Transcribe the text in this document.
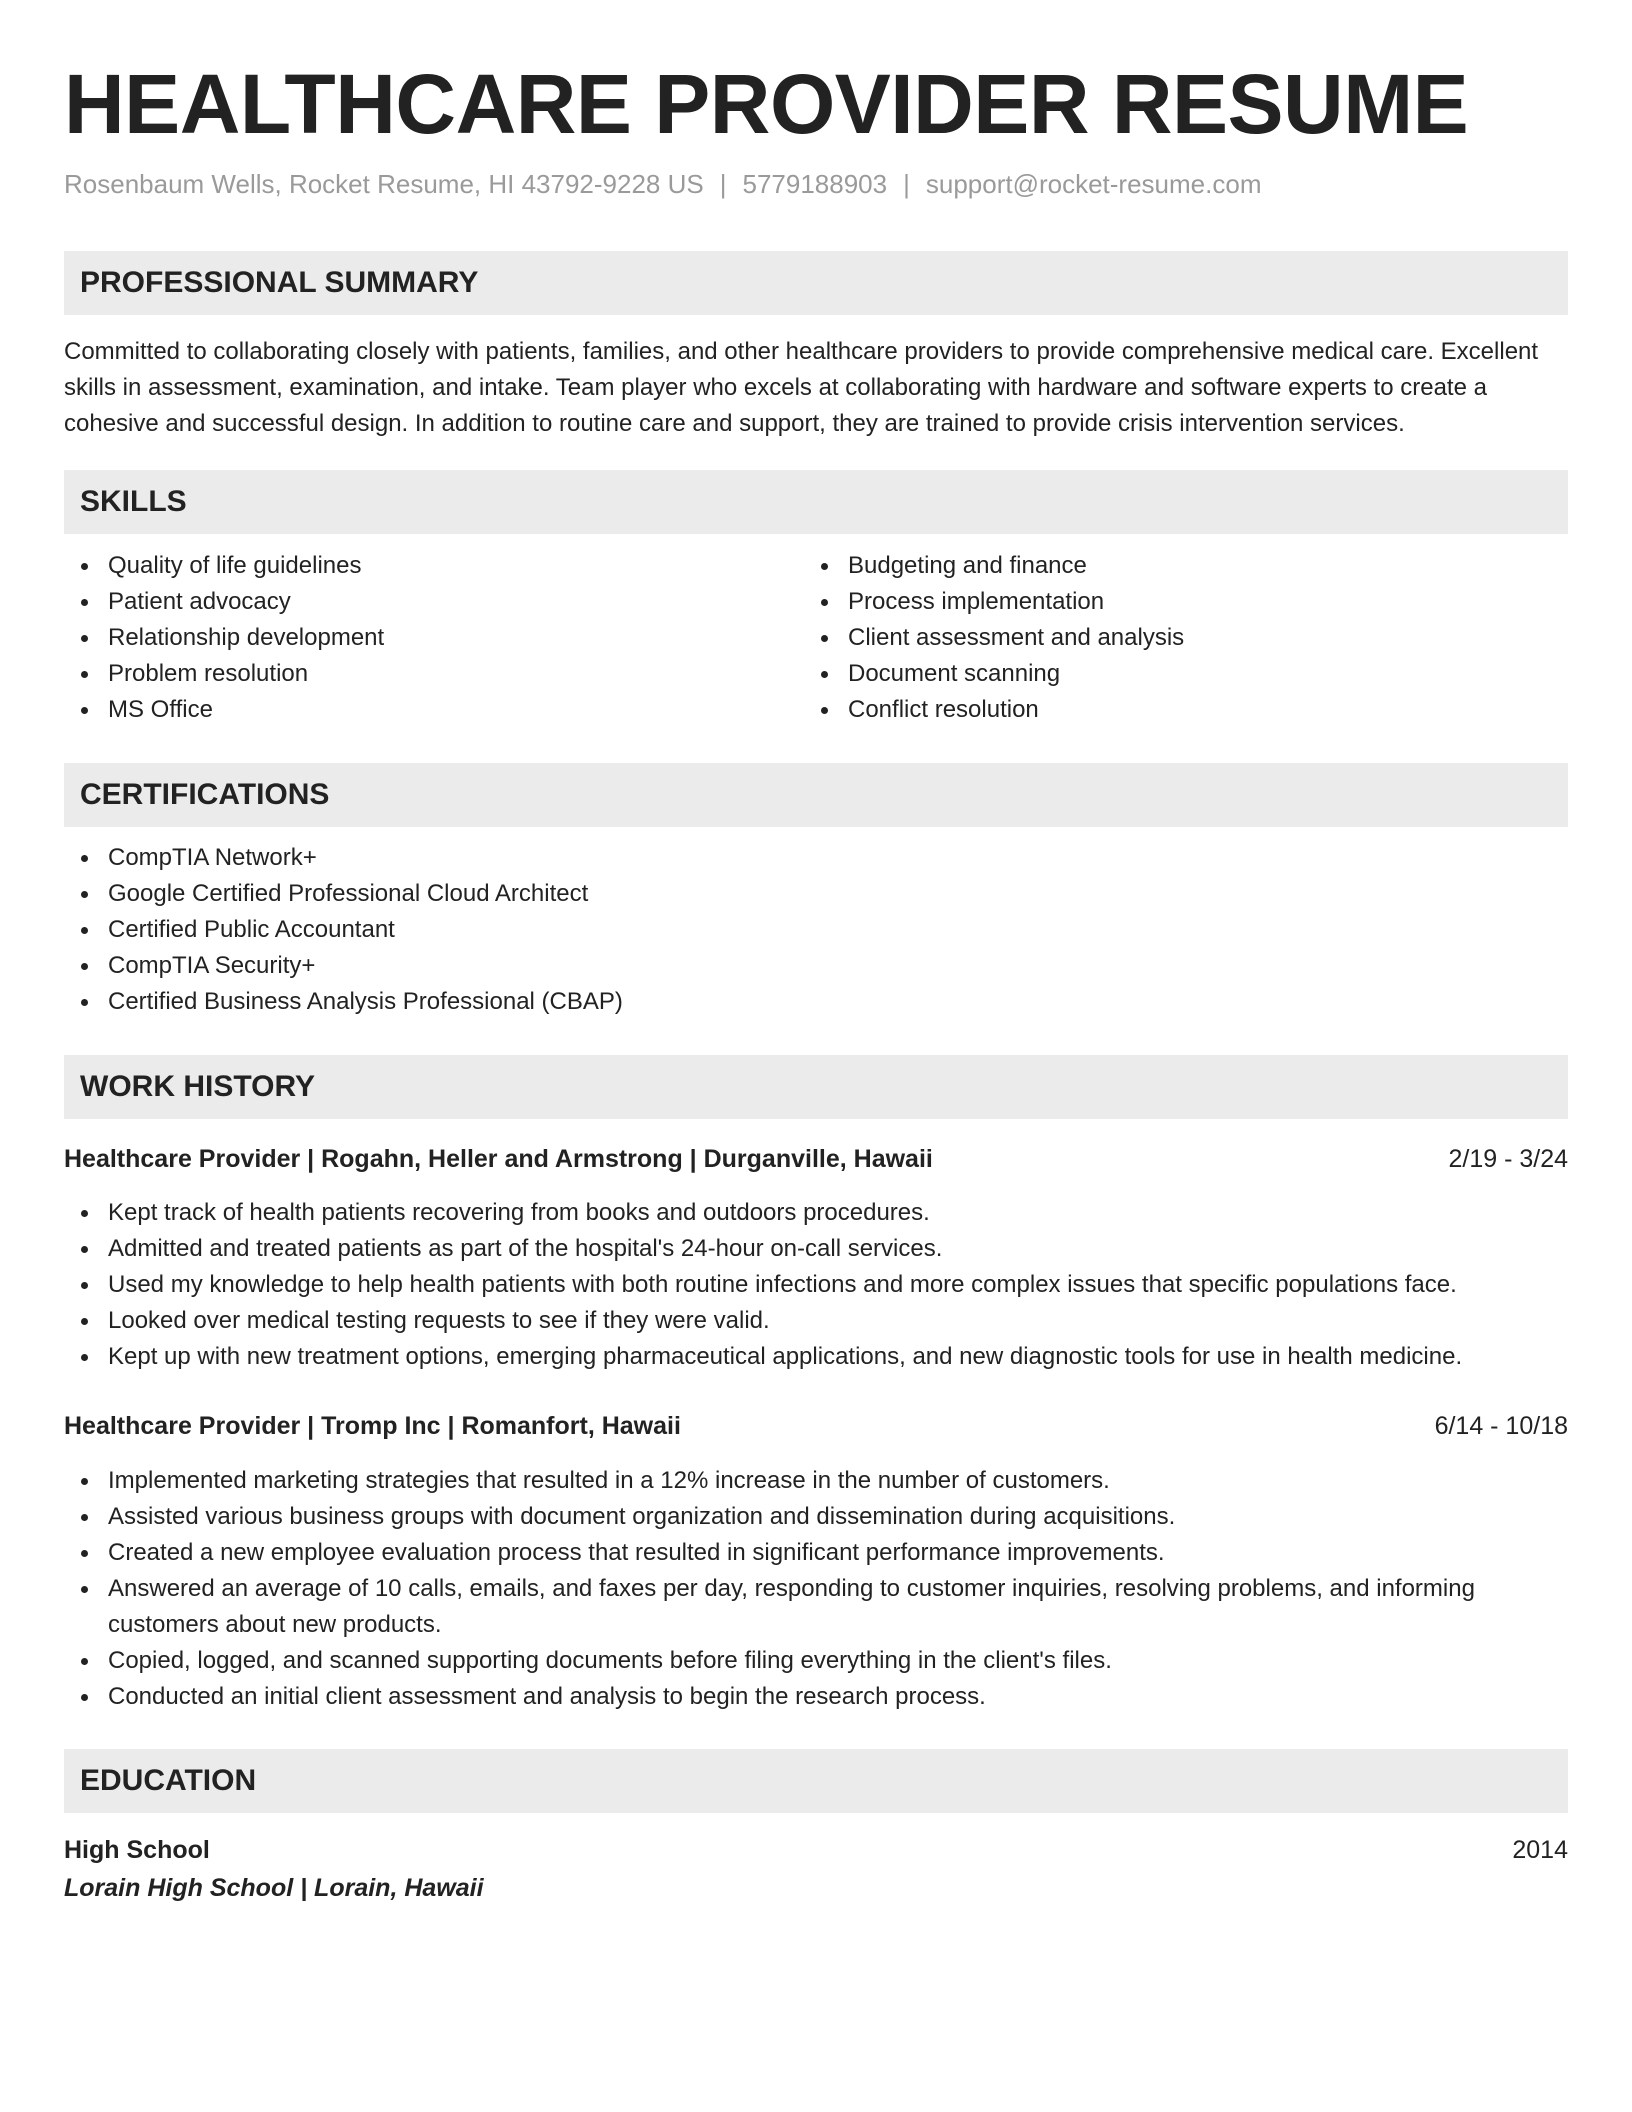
HEALTHCARE PROVIDER RESUME
Rosenbaum Wells, Rocket Resume, HI 43792-9228 US | 5779188903 | support@rocket-resume.com
PROFESSIONAL SUMMARY

Committed to collaborating closely with patients, families, and other healthcare providers to provide comprehensive medical care. Excellent skills in assessment, examination, and intake. Team player who excels at collaborating with hardware and software experts to create a cohesive and successful design. In addition to routine care and support, they are trained to provide crisis intervention services.

SKILLS
Quality of life guidelines
Patient advocacy
Relationship development
Problem resolution
MS Office
Budgeting and finance
Process implementation
Client assessment and analysis
Document scanning
Conflict resolution
CERTIFICATIONS
CompTIA Network+
Google Certified Professional Cloud Architect
Certified Public Accountant
CompTIA Security+
Certified Business Analysis Professional (CBAP)
WORK HISTORY
Healthcare Provider | Rogahn, Heller and Armstrong | Durganville, Hawaii	2/19 - 3/24
Kept track of health patients recovering from books and outdoors procedures.
Admitted and treated patients as part of the hospital's 24-hour on-call services.
Used my knowledge to help health patients with both routine infections and more complex issues that specific populations face.
Looked over medical testing requests to see if they were valid.
Kept up with new treatment options, emerging pharmaceutical applications, and new diagnostic tools for use in health medicine.
Healthcare Provider | Tromp Inc | Romanfort, Hawaii	6/14 - 10/18
Implemented marketing strategies that resulted in a 12% increase in the number of customers.
Assisted various business groups with document organization and dissemination during acquisitions.
Created a new employee evaluation process that resulted in significant performance improvements.
Answered an average of 10 calls, emails, and faxes per day, responding to customer inquiries, resolving problems, and informing customers about new products.
Copied, logged, and scanned supporting documents before filing everything in the client's files.
Conducted an initial client assessment and analysis to begin the research process.
EDUCATION
High School	2014
Lorain High School | Lorain, Hawaii
